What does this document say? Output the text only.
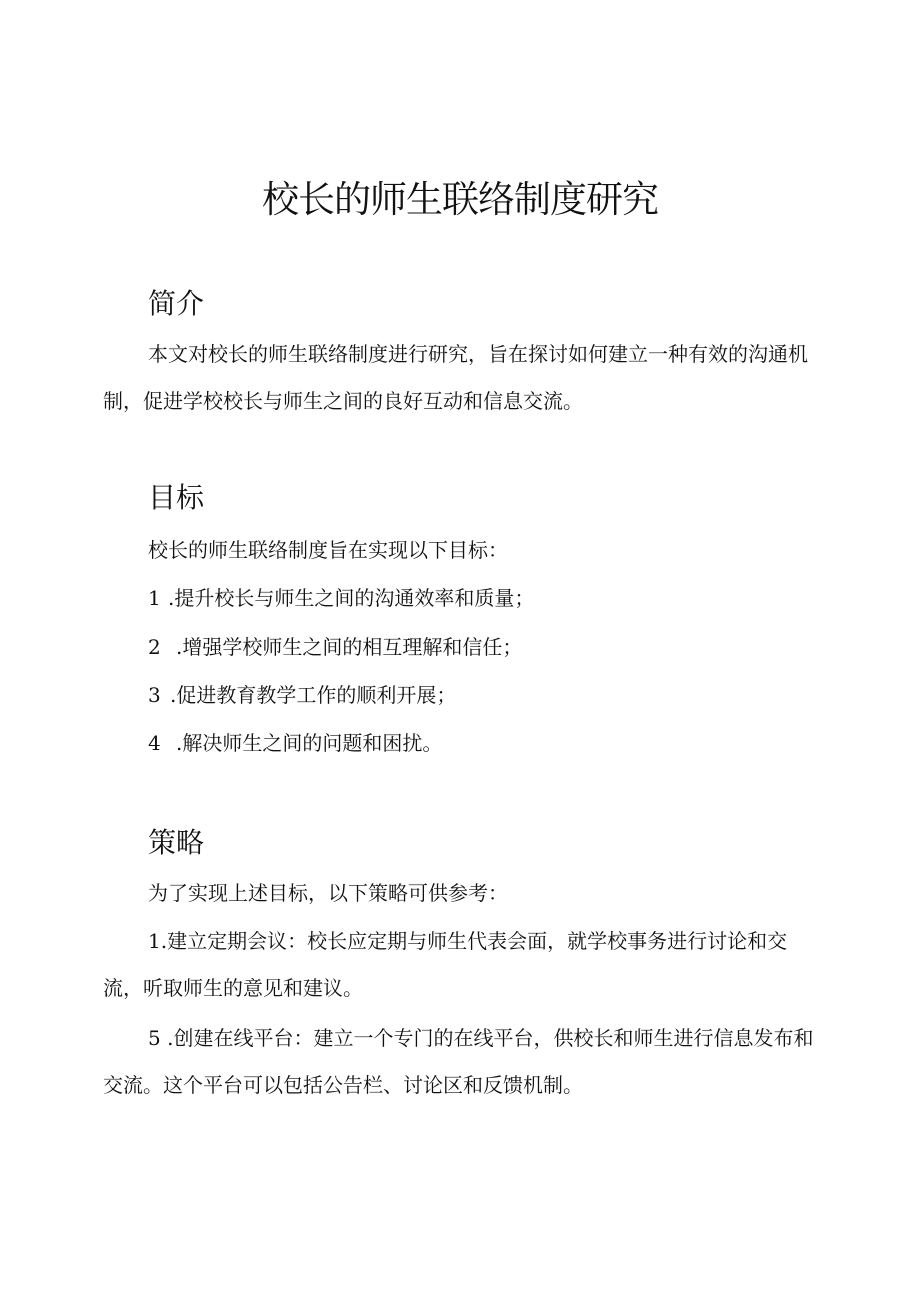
校长的师生联络制度研究
简介
本文对校长的师生联络制度进行研究，旨在探讨如何建立一种有效的沟通机制，促进学校校长与师生之间的良好互动和信息交流。
目标
校长的师生联络制度旨在实现以下目标：
1 .提升校长与师生之间的沟通效率和质量；
2 .增强学校师生之间的相互理解和信任；
3 .促进教育教学工作的顺利开展；
4 .解决师生之间的问题和困扰。
策略
为了实现上述目标，以下策略可供参考：
1.建立定期会议：校长应定期与师生代表会面，就学校事务进行讨论和交流，听取师生的意见和建议。
5 .创建在线平台：建立一个专门的在线平台，供校长和师生进行信息发布和交流。这个平台可以包括公告栏、讨论区和反馈机制。
